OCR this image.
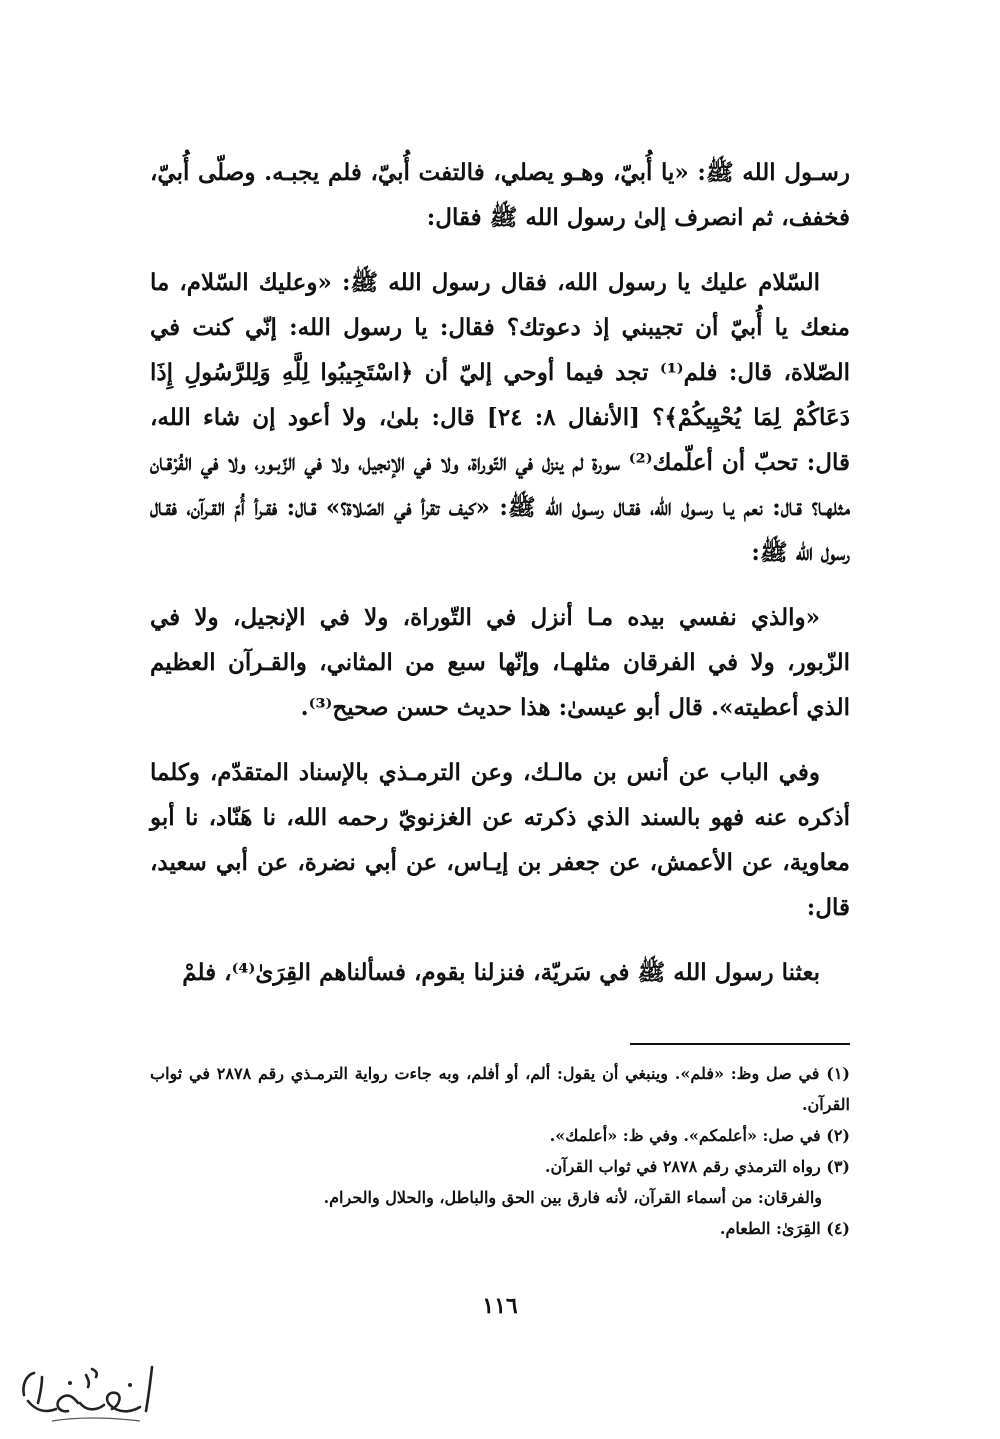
رسـول الله ﷺ: «يا أُبيّ، وهـو يصلي، فالتفت أُبيّ، فلم يجبـه. وصلّى أُبيّ، فخفف، ثم انصرف إلىٰ رسول الله ﷺ فقال:

السّلام عليك يا رسول الله، فقال رسول الله ﷺ: «وعليك السّلام، ما منعك يا أُبيّ أن تجيبني إذ دعوتك؟ فقال: يا رسول الله: إنّي كنت في الصّلاة، قال: فلم⁽¹⁾ تجد فيما أوحي إليّ أن ﴿اسْتَجِيبُوا لِلَّهِ وَلِلرَّسُولِ إِذَا دَعَاكُمْ لِمَا يُحْيِيكُمْ﴾؟ [الأنفال ٨: ٢٤] قال: بلىٰ، ولا أعود إن شاء الله، قال: تحبّ أن أعلّمك⁽²⁾ سورة لم ينزل في التّوراة، ولا في الإنجيل، ولا في الزّبـور، ولا في الفُرْقـان مثلهـا؟ قـال: نعم يـا رسـول الله، فقـال رسـول الله ﷺ: «كيف تقرأ في الصّلاة؟» قـال: فقـرأ أُمّ القـرآن، فقـال رسول الله ﷺ:

«والذي نفسي بيده مـا أنزل في التّوراة، ولا في الإنجيل، ولا في الزّبور، ولا في الفرقان مثلهـا، وإنّها سبع من المثاني، والقـرآن العظيم الذي أعطيته». قال أبو عيسىٰ: هذا حديث حسن صحيح⁽³⁾.

وفي الباب عن أنس بن مالـك، وعن الترمـذي بالإسناد المتقدّم، وكلما أذكره عنه فهو بالسند الذي ذكرته عن الغزنويّ رحمه الله، نا هَنّاد، نا أبو معاوية، عن الأعمش، عن جعفر بن إيـاس، عن أبي نضرة، عن أبي سعيد، قال:

بعثنا رسول الله ﷺ في سَريّة، فنزلنا بقوم، فسألناهم القِرَىٰ⁽⁴⁾، فلمْ

(١) في صل وظ: «فلم». وينبغي أن يقول: ألم، أو أفلم، وبه جاءت رواية الترمـذي رقم ٢٨٧٨ في ثواب القرآن.

(٢) في صل: «أعلمكم». وفي ظ: «أعلمك».

(٣) رواه الترمذي رقم ٢٨٧٨ في ثواب القرآن.

والفرقان: من أسماء القرآن، لأنه فارق بين الحق والباطل، والحلال والحرام.

(٤) القِرَىٰ: الطعام.

١١٦
